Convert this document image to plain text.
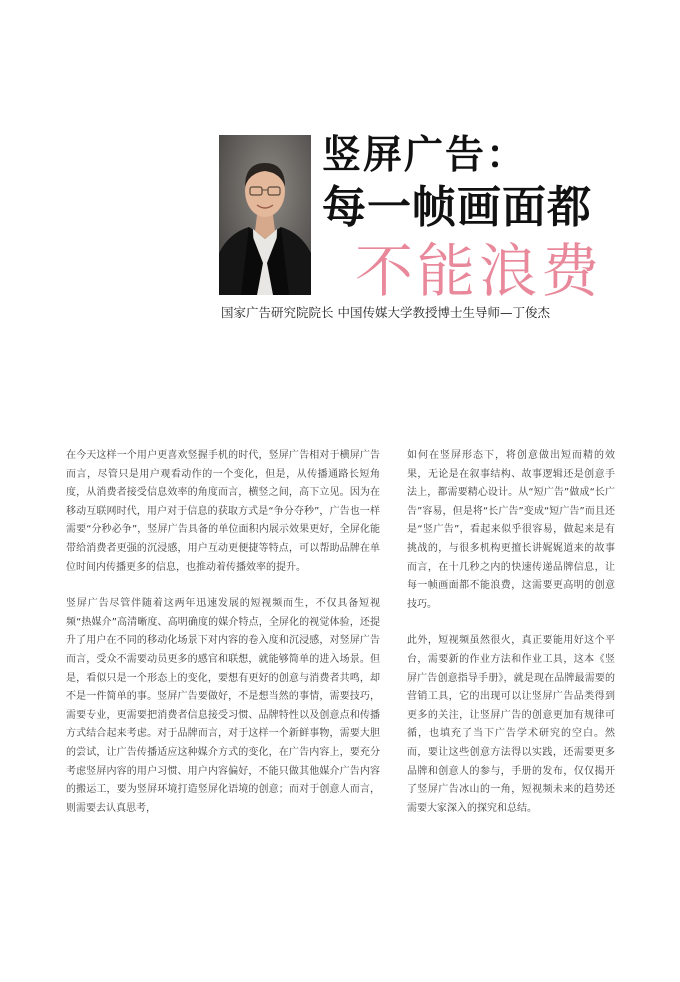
竖屏广告：
每一帧画面都
不能浪费
国家广告研究院院长 中国传媒大学教授博士生导师—丁俊杰

在今天这样一个用户更喜欢竖握手机的时代，竖屏广告相对于横屏广告而言，尽管只是用户观看动作的一个变化，但是，从传播通路长短角度，从消费者接受信息效率的角度而言，横竖之间，高下立见。因为在移动互联网时代，用户对于信息的获取方式是“争分夺秒”，广告也一样需要“分秒必争”，竖屏广告具备的单位面积内展示效果更好，全屏化能带给消费者更强的沉浸感，用户互动更便捷等特点，可以帮助品牌在单位时间内传播更多的信息，也推动着传播效率的提升。

竖屏广告尽管伴随着这两年迅速发展的短视频而生，不仅具备短视频“热媒介”高清晰度、高明确度的媒介特点，全屏化的视觉体验，还提升了用户在不同的移动化场景下对内容的卷入度和沉浸感，对竖屏广告而言，受众不需要动员更多的感官和联想，就能够简单的进入场景。但是，看似只是一个形态上的变化，要想有更好的创意与消费者共鸣，却不是一件简单的事。竖屏广告要做好，不是想当然的事情，需要技巧，需要专业，更需要把消费者信息接受习惯、品牌特性以及创意点和传播方式结合起来考虑。对于品牌而言，对于这样一个新鲜事物，需要大胆的尝试，让广告传播适应这种媒介方式的变化，在广告内容上，要充分考虑竖屏内容的用户习惯、用户内容偏好，不能只做其他媒介广告内容的搬运工，要为竖屏环境打造竖屏化语境的创意；而对于创意人而言，则需要去认真思考，

如何在竖屏形态下，将创意做出短而精的效果，无论是在叙事结构、故事逻辑还是创意手法上，都需要精心设计。从“短广告”做成“长广告”容易，但是将“长广告”变成“短广告”而且还是“竖广告”，看起来似乎很容易，做起来是有挑战的，与很多机构更擅长讲娓娓道来的故事而言，在十几秒之内的快速传递品牌信息，让每一帧画面都不能浪费，这需要更高明的创意技巧。

此外，短视频虽然很火，真正要能用好这个平台，需要新的作业方法和作业工具，这本《竖屏广告创意指导手册》，就是现在品牌最需要的营销工具，它的出现可以让竖屏广告品类得到更多的关注，让竖屏广告的创意更加有规律可循，也填充了当下广告学术研究的空白。然而，要让这些创意方法得以实践，还需要更多品牌和创意人的参与，手册的发布，仅仅揭开了竖屏广告冰山的一角，短视频未来的趋势还需要大家深入的探究和总结。
